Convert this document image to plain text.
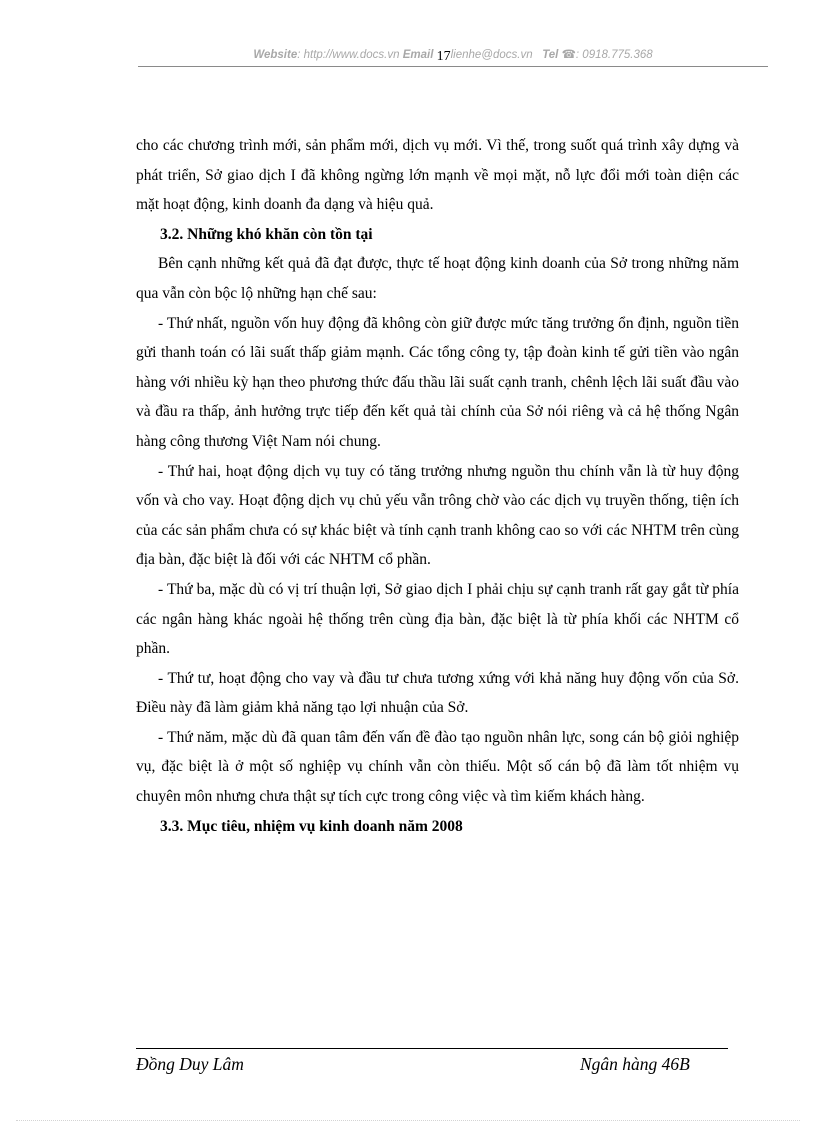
Website: http://www.docs.vn Email 17lienhe@docs.vn Tel ☎: 0918.775.368

cho các chương trình mới, sản phẩm mới, dịch vụ mới. Vì thế, trong suốt quá trình xây dựng và phát triển, Sở giao dịch I đã không ngừng lớn mạnh về mọi mặt, nỗ lực đổi mới toàn diện các mặt hoạt động, kinh doanh đa dạng và hiệu quả.

3.2. Những khó khăn còn tồn tại

Bên cạnh những kết quả đã đạt được, thực tế hoạt động kinh doanh của Sở trong những năm qua vẫn còn bộc lộ những hạn chế sau:

- Thứ nhất, nguồn vốn huy động đã không còn giữ được mức tăng trưởng ổn định, nguồn tiền gửi thanh toán có lãi suất thấp giảm mạnh. Các tổng công ty, tập đoàn kinh tế gửi tiền vào ngân hàng với nhiều kỳ hạn theo phương thức đấu thầu lãi suất cạnh tranh, chênh lệch lãi suất đầu vào và đầu ra thấp, ảnh hưởng trực tiếp đến kết quả tài chính của Sở nói riêng và cả hệ thống Ngân hàng công thương Việt Nam nói chung.

- Thứ hai, hoạt động dịch vụ tuy có tăng trưởng nhưng nguồn thu chính vẫn là từ huy động vốn và cho vay. Hoạt động dịch vụ chủ yếu vẫn trông chờ vào các dịch vụ truyền thống, tiện ích của các sản phẩm chưa có sự khác biệt và tính cạnh tranh không cao so với các NHTM trên cùng địa bàn, đặc biệt là đối với các NHTM cổ phần.

- Thứ ba, mặc dù có vị trí thuận lợi, Sở giao dịch I phải chịu sự cạnh tranh rất gay gắt từ phía các ngân hàng khác ngoài hệ thống trên cùng địa bàn, đặc biệt là từ phía khối các NHTM cổ phần.

- Thứ tư, hoạt động cho vay và đầu tư chưa tương xứng với khả năng huy động vốn của Sở. Điều này đã làm giảm khả năng tạo lợi nhuận của Sở.

- Thứ năm, mặc dù đã quan tâm đến vấn đề đào tạo nguồn nhân lực, song cán bộ giỏi nghiệp vụ, đặc biệt là ở một số nghiệp vụ chính vẫn còn thiếu. Một số cán bộ đã làm tốt nhiệm vụ chuyên môn nhưng chưa thật sự tích cực trong công việc và tìm kiếm khách hàng.

3.3. Mục tiêu, nhiệm vụ kinh doanh năm 2008
Đồng Duy Lâm	Ngân hàng 46B
